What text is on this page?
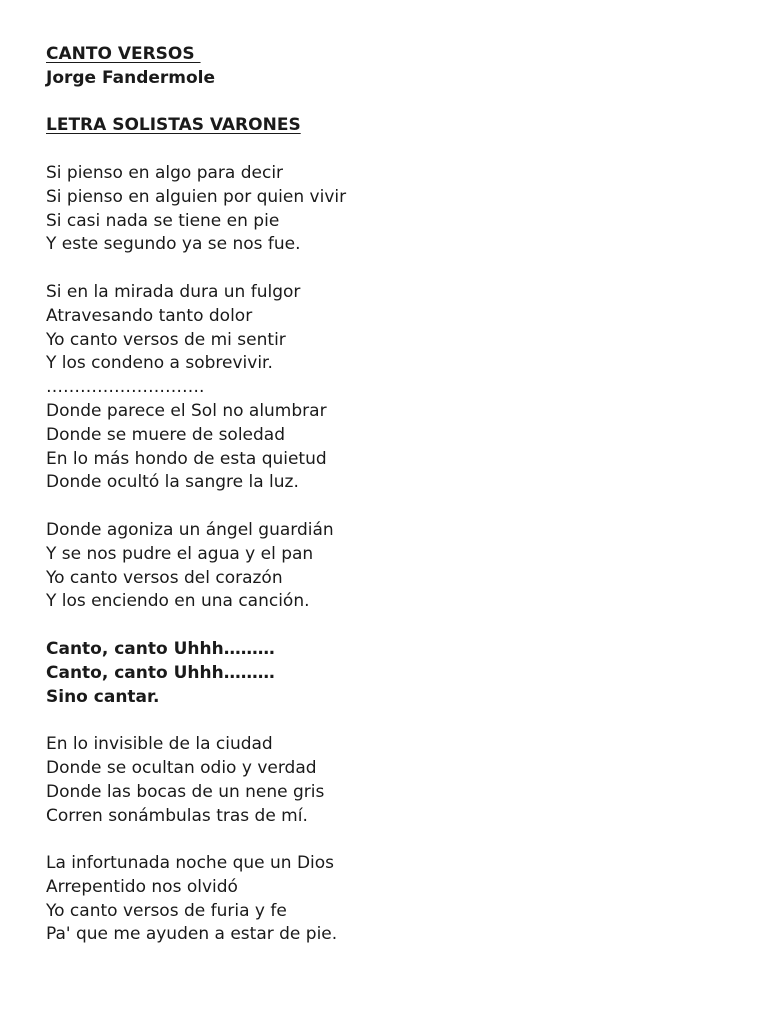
CANTO VERSOS
Jorge Fandermole
LETRA SOLISTAS VARONES
Si pienso en algo para decir
Si pienso en alguien por quien vivir
Si casi nada se tiene en pie
Y este segundo ya se nos fue.
Si en la mirada dura un fulgor
Atravesando tanto dolor
Yo canto versos de mi sentir
Y los condeno a sobrevivir.
……………………….
Donde parece el Sol no alumbrar
Donde se muere de soledad
En lo más hondo de esta quietud
Donde ocultó la sangre la luz.
Donde agoniza un ángel guardián
Y se nos pudre el agua y el pan
Yo canto versos del corazón
Y los enciendo en una canción.
Canto, canto Uhhh………
Canto, canto Uhhh………
Sino cantar.
En lo invisible de la ciudad
Donde se ocultan odio y verdad
Donde las bocas de un nene gris
Corren sonámbulas tras de mí.
La infortunada noche que un Dios
Arrepentido nos olvidó
Yo canto versos de furia y fe
Pa' que me ayuden a estar de pie.
